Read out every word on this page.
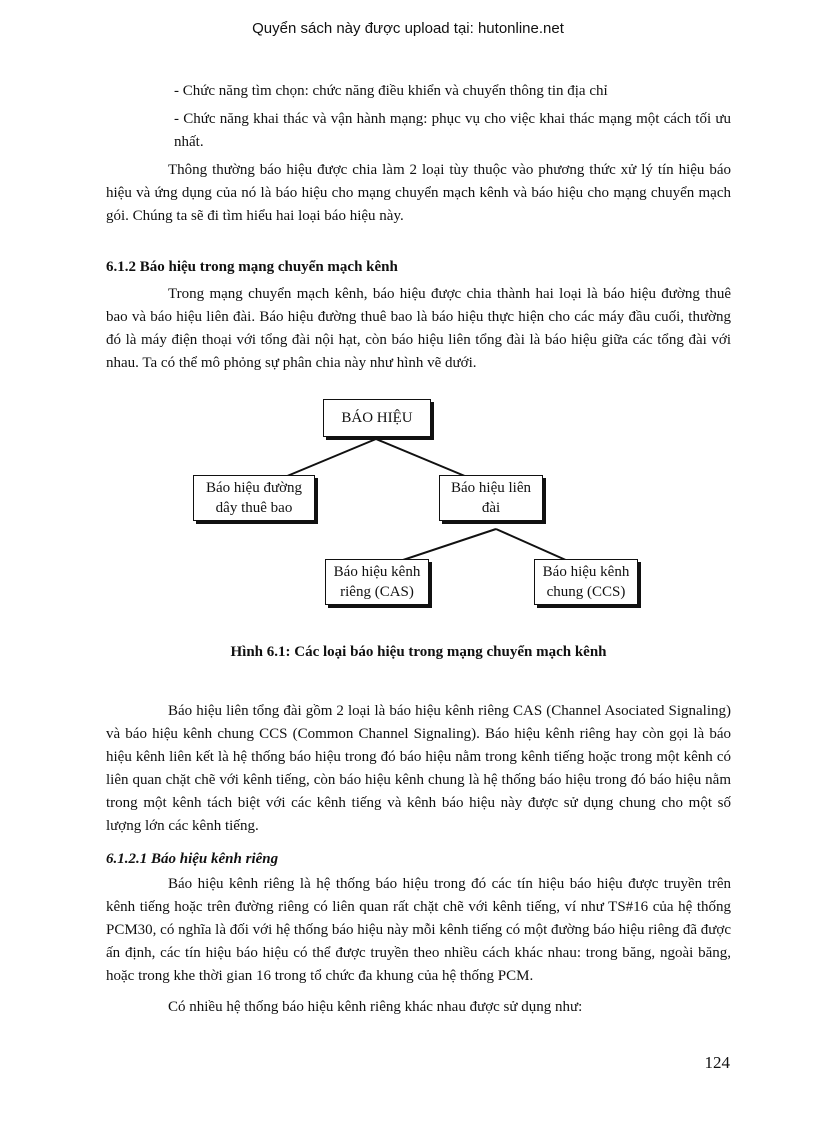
Quyển sách này được upload tại: hutonline.net

- Chức năng tìm chọn: chức năng điều khiển và chuyển thông tin địa chỉ

- Chức năng khai thác và vận hành mạng: phục vụ cho việc khai thác mạng một cách tối ưu nhất.

Thông thường báo hiệu được chia làm 2 loại tùy thuộc vào phương thức xử lý tín hiệu báo hiệu và ứng dụng của nó là báo hiệu cho mạng chuyển mạch kênh và báo hiệu cho mạng chuyển mạch gói. Chúng ta sẽ đi tìm hiểu hai loại báo hiệu này.

6.1.2 Báo hiệu trong mạng chuyển mạch kênh

Trong mạng chuyển mạch kênh, báo hiệu được chia thành hai loại là báo hiệu đường thuê bao và báo hiệu liên đài. Báo hiệu đường thuê bao là báo hiệu thực hiện cho các máy đầu cuối, thường đó là máy điện thoại với tổng đài nội hạt, còn báo hiệu liên tổng đài là báo hiệu giữa các tổng đài với nhau. Ta có thể mô phỏng sự phân chia này như hình vẽ dưới.

BÁO HIỆU
Báo hiệu đường
dây thuê bao
Báo hiệu liên
đài
Báo hiệu kênh
riêng (CAS)
Báo hiệu kênh
chung (CCS)

Hình 6.1: Các loại báo hiệu trong mạng chuyển mạch kênh

Báo hiệu liên tổng đài gồm 2 loại là báo hiệu kênh riêng CAS (Channel Asociated Signaling) và báo hiệu kênh chung CCS (Common Channel Signaling). Báo hiệu kênh riêng hay còn gọi là báo hiệu kênh liên kết là hệ thống báo hiệu trong đó báo hiệu nằm trong kênh tiếng hoặc trong một kênh có liên quan chặt chẽ với kênh tiếng, còn báo hiệu kênh chung là hệ thống báo hiệu trong đó báo hiệu nằm trong một kênh tách biệt với các kênh tiếng và kênh báo hiệu này được sử dụng chung cho một số lượng lớn các kênh tiếng.

6.1.2.1 Báo hiệu kênh riêng

Báo hiệu kênh riêng là hệ thống báo hiệu trong đó các tín hiệu báo hiệu được truyền trên kênh tiếng hoặc trên đường riêng có liên quan rất chặt chẽ với kênh tiếng, ví như TS#16 của hệ thống PCM30, có nghĩa là đối với hệ thống báo hiệu này mỗi kênh tiếng có một đường báo hiệu riêng đã được ấn định, các tín hiệu báo hiệu có thể được truyền theo nhiều cách khác nhau: trong băng, ngoài băng, hoặc trong khe thời gian 16 trong tổ chức đa khung của hệ thống PCM.

Có nhiều hệ thống báo hiệu kênh riêng khác nhau được sử dụng như:

124
